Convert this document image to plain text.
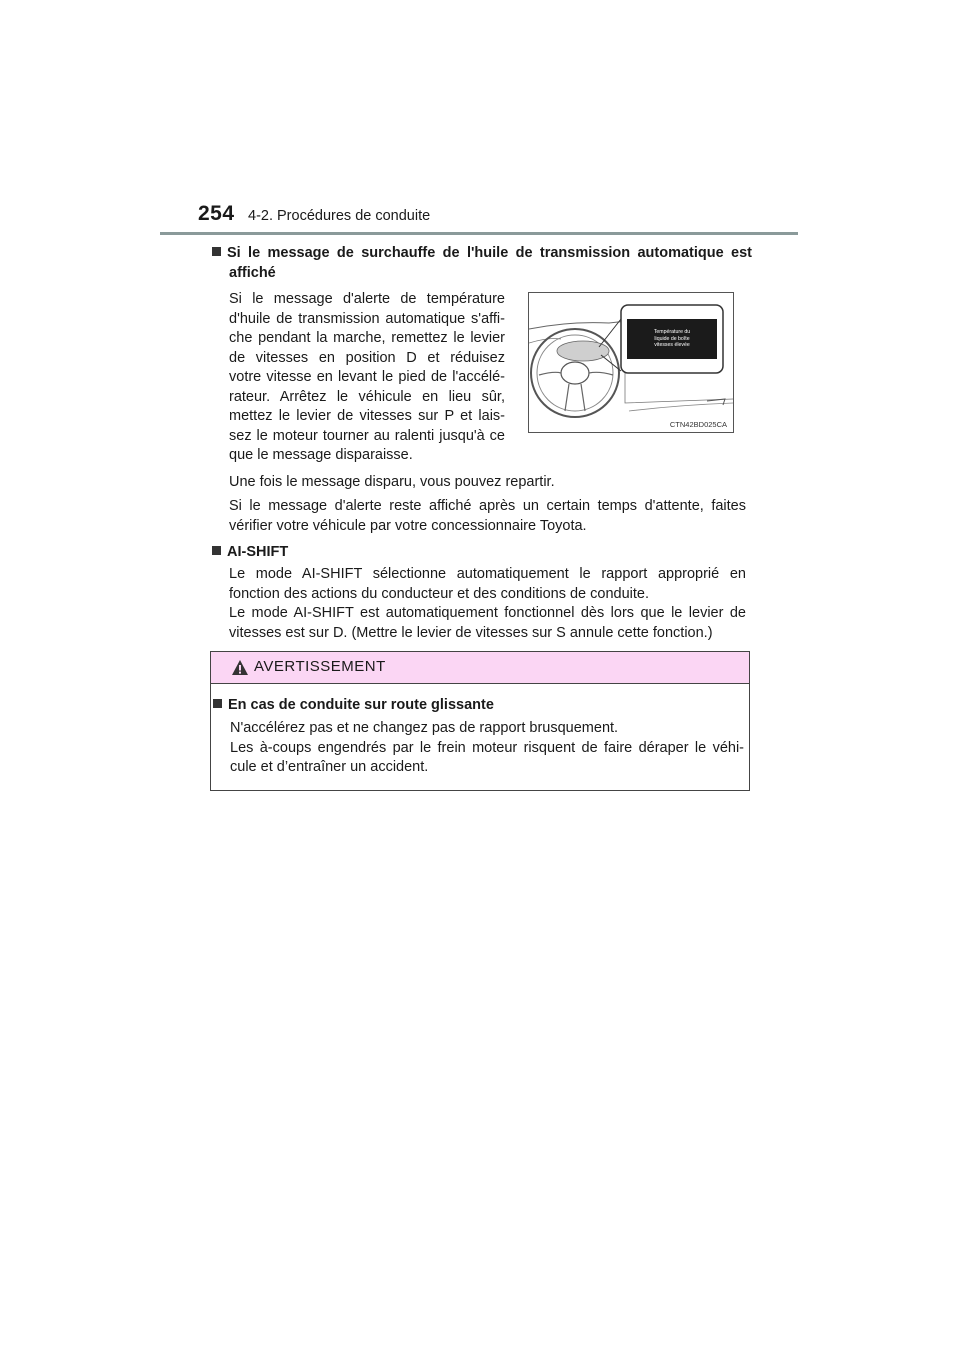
254 4-2. Procédures de conduite
Si le message de surchauffe de l'huile de transmission automatique est
affiché
Si le message d'alerte de température
d'huile de transmission automatique s'affi-
che pendant la marche, remettez le levier
de vitesses en position D et réduisez
votre vitesse en levant le pied de l'accélé-
rateur. Arrêtez le véhicule en lieu sûr,
mettez le levier de vitesses sur P et lais-
sez le moteur tourner au ralenti jusqu'à ce
que le message disparaisse.
Température du
liquide de boîte
vitesses élevée
CTN42BD025CA
Une fois le message disparu, vous pouvez repartir.
Si le message d'alerte reste affiché après un certain temps d'attente, faites
vérifier votre véhicule par votre concessionnaire Toyota.
AI-SHIFT
Le mode AI-SHIFT sélectionne automatiquement le rapport approprié en
fonction des actions du conducteur et des conditions de conduite.
Le mode AI-SHIFT est automatiquement fonctionnel dès lors que le levier de
vitesses est sur D. (Mettre le levier de vitesses sur S annule cette fonction.)
AVERTISSEMENT
En cas de conduite sur route glissante
N'accélérez pas et ne changez pas de rapport brusquement.
Les à-coups engendrés par le frein moteur risquent de faire déraper le véhi-
cule et d’entraîner un accident.
